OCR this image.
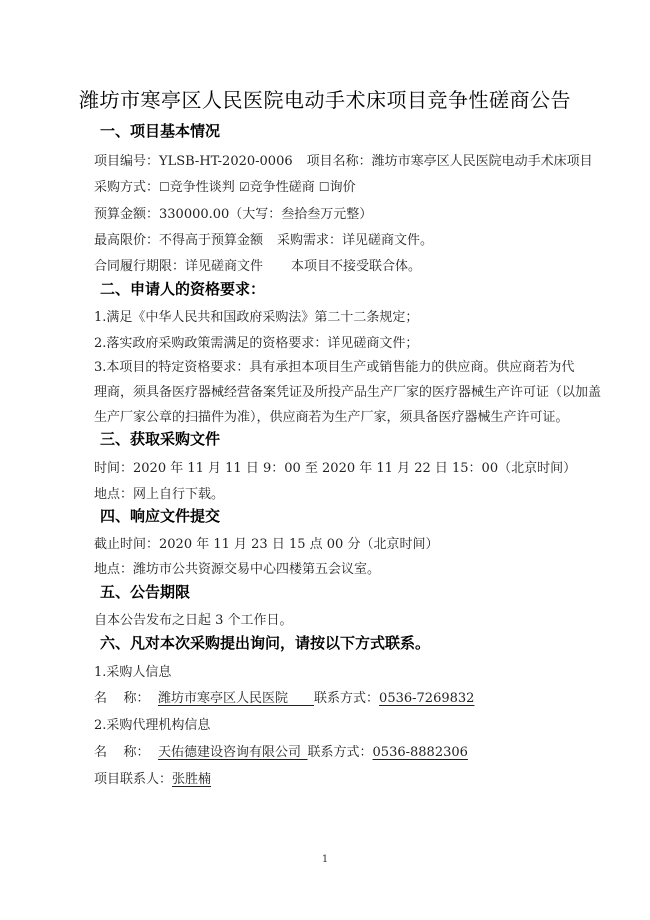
潍坊市寒亭区人民医院电动手术床项目竞争性磋商公告
一、项目基本情况
项目编号：YLSB-HT-2020-0006 项目名称：潍坊市寒亭区人民医院电动手术床项目
采购方式：☐竞争性谈判 ☑竞争性磋商 ☐询价
预算金额：330000.00（大写：叁拾叁万元整）
最高限价：不得高于预算金额 采购需求：详见磋商文件。
合同履行期限：详见磋商文件 本项目不接受联合体。
二、申请人的资格要求：
1.满足《中华人民共和国政府采购法》第二十二条规定；
2.落实政府采购政策需满足的资格要求：详见磋商文件；
3.本项目的特定资格要求：具有承担本项目生产或销售能力的供应商。供应商若为代
理商，须具备医疗器械经营备案凭证及所投产品生产厂家的医疗器械生产许可证（以加盖
生产厂家公章的扫描件为准），供应商若为生产厂家，须具备医疗器械生产许可证。
三、获取采购文件
时间：2020 年 11 月 11 日 9：00 至 2020 年 11 月 22 日 15：00（北京时间）
地点：网上自行下载。
四、响应文件提交
截止时间：2020 年 11 月 23 日 15 点 00 分（北京时间）
地点：潍坊市公共资源交易中心四楼第五会议室。
五、公告期限
自本公告发布之日起 3 个工作日。
六、凡对本次采购提出询问，请按以下方式联系。
1.采购人信息
名    称： 潍坊市寒亭区人民医院　　 联系方式：0536-7269832
2.采购代理机构信息
名    称： 天佑德建设咨询有限公司  联系方式：0536-8882306
项目联系人：张胜楠
1
